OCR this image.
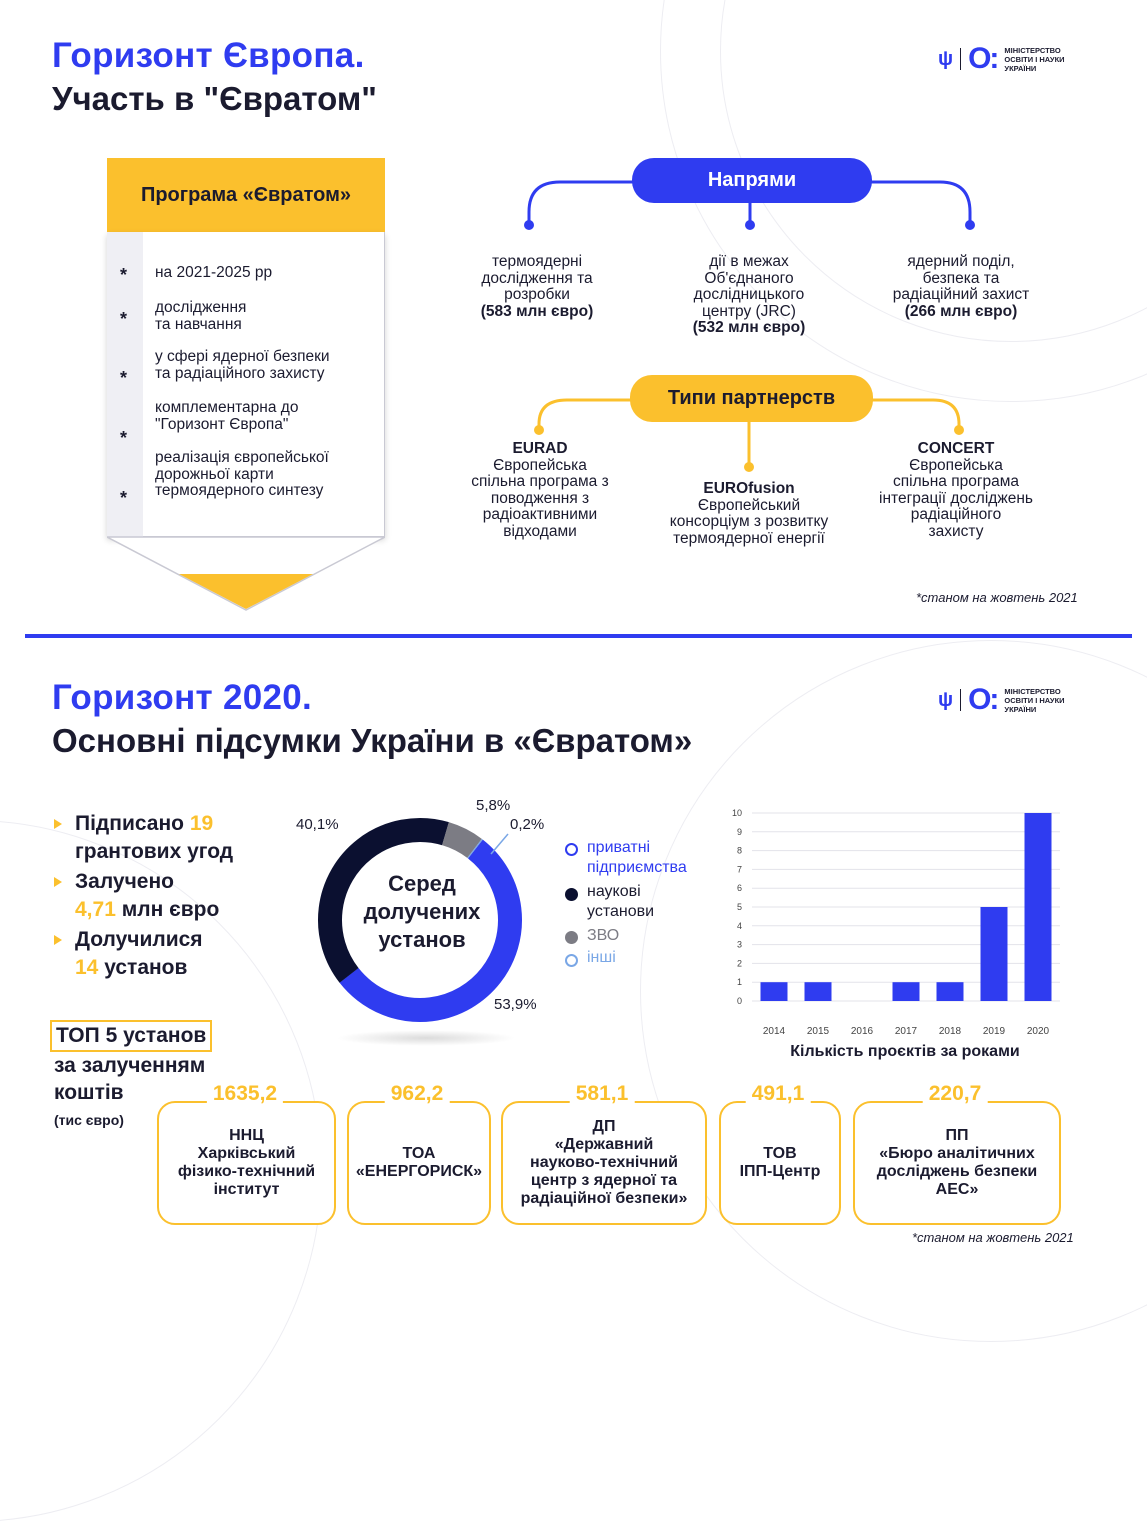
Горизонт Європа.
Участь в "Євратом"
ψ О: МІНІСТЕРСТВО
ОСВІТИ І НАУКИ
УКРАЇНИ
Програма «Євратом»
*
*
*
*
*
на 2021-2025 рр
дослідження
та навчання
у сфері ядерної безпеки
та радіаційного захисту
комплементарна до
"Горизонт Європа"
реалізація європейської
дорожньої карти
термоядерного синтезу
Напрями
термоядерні
дослідження та
розробки
(583 млн євро)
дії в межах
Об'єднаного
дослідницького
центру (JRC)
(532 млн євро)
ядерний поділ,
безпека та
радіаційний захист
(266 млн євро)
Типи партнерств
EURAD
Європейська
спільна програма з
поводження з
радіоактивними
відходами
EUROfusion
Європейський
консорціум з розвитку
термоядерної енергії
CONCERT
Європейська
спільна програма
інтеграції досліджень
радіаційного
захисту
*станом на жовтень 2021
Горизонт 2020.
Основні підсумки України в «Євратом»
ψ О: МІНІСТЕРСТВО
ОСВІТИ І НАУКИ
УКРАЇНИ
Підписано 19
грантових угод
Залучено
4,71 млн євро
Долучилися
14 установ
Серед
долучених
установ
53,9%
40,1%
5,8%
0,2%
приватні
підприємства
наукові
установи
ЗВО
інші
0
1
2
3
4
5
6
7
8
9
10
2014 2015 2016 2017 2018 2019 2020
Кількість проєктів за роками
ТОП 5 установ
за залученням
коштів
(тис євро)
ННЦ
Харківський
фізико-технічний
інститут
1635,2
ТОА
«ЕНЕРГОРИСК»
962,2
ДП
«Державний
науково-технічний
центр з ядерної та
радіаційної безпеки»
581,1
ТОВ
ІПП-Центр
491,1
ПП
«Бюро аналітичних
досліджень безпеки
АЕС»
220,7
*станом на жовтень 2021
